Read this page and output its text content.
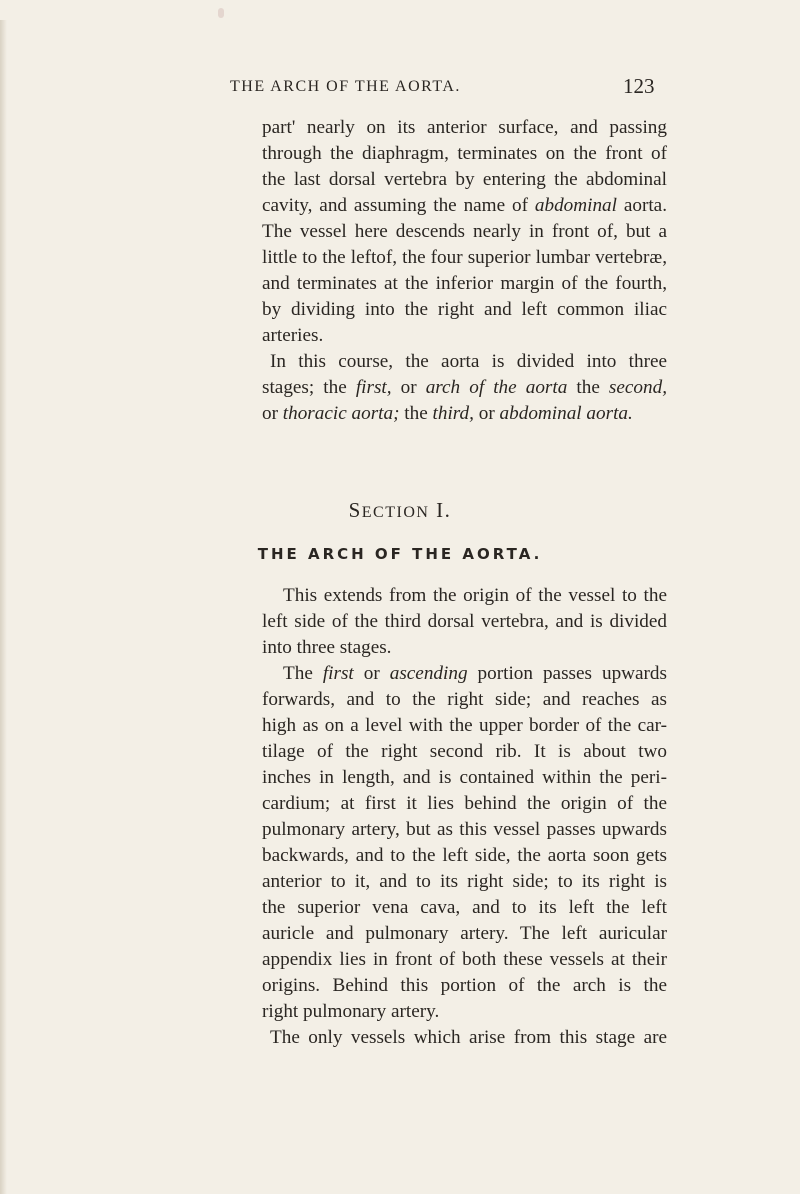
THE ARCH OF THE AORTA.	123
part' nearly on its anterior surface, and passing
through the diaphragm, terminates on the front of
the last dorsal vertebra by entering the abdominal
cavity, and assuming the name of abdominal aorta.
The vessel here descends nearly in front of, but a
little to the leftof, the four superior lumbar vertebræ,
and terminates at the inferior margin of the fourth,
by dividing into the right and left common iliac
arteries.
In this course, the aorta is divided into three
stages; the first, or arch of the aorta the second,
or thoracic aorta; the third, or abdominal aorta.
SECTION I.
THE ARCH OF THE AORTA.
This extends from the origin of the vessel to the
left side of the third dorsal vertebra, and is divided
into three stages.
The first or ascending portion passes upwards
forwards, and to the right side; and reaches as
high as on a level with the upper border of the car-
tilage of the right second rib. It is about two
inches in length, and is contained within the peri-
cardium; at first it lies behind the origin of the
pulmonary artery, but as this vessel passes upwards
backwards, and to the left side, the aorta soon gets
anterior to it, and to its right side; to its right is
the superior vena cava, and to its left the left
auricle and pulmonary artery. The left auricular
appendix lies in front of both these vessels at their
origins. Behind this portion of the arch is the
right pulmonary artery.
The only vessels which arise from this stage are
